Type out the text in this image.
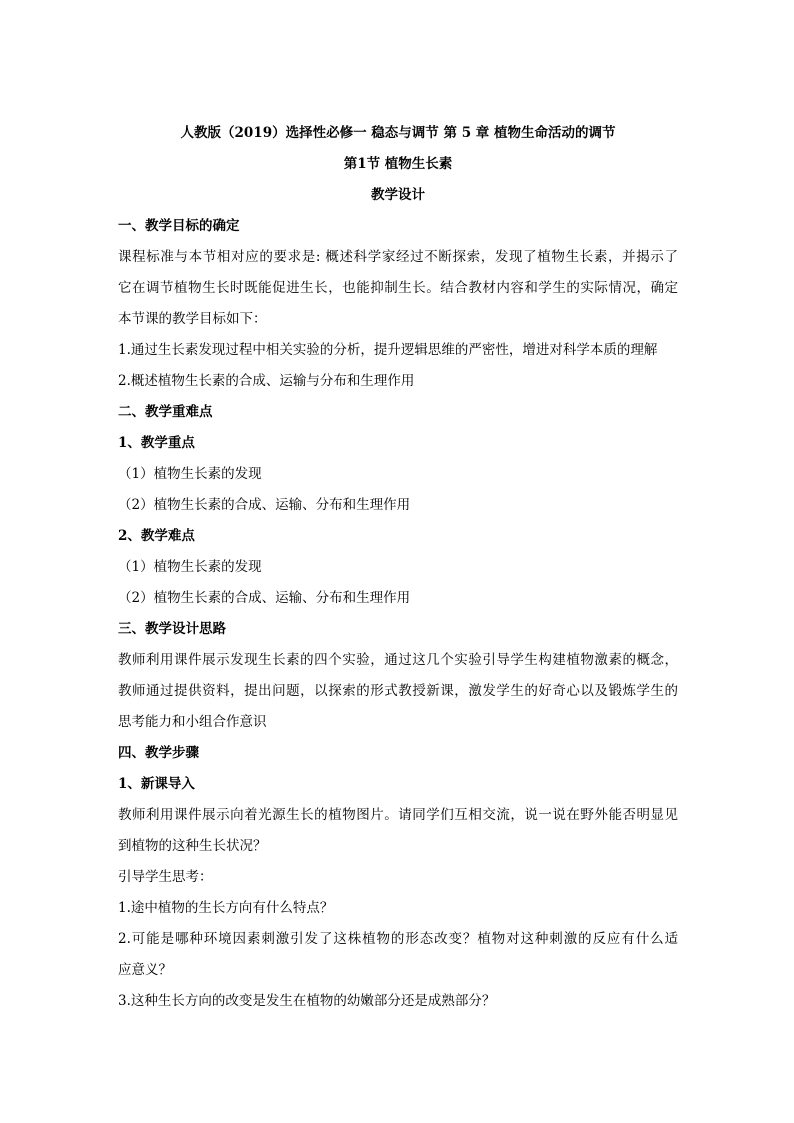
人教版（2019）选择性必修一 稳态与调节 第 5 章 植物生命活动的调节
第1节 植物生长素
教学设计
一、教学目标的确定
课程标准与本节相对应的要求是: 概述科学家经过不断探索，发现了植物生长素，并揭示了
它在调节植物生长时既能促进生长，也能抑制生长。结合教材内容和学生的实际情况，确定
本节课的教学目标如下：
1.通过生长素发现过程中相关实验的分析，提升逻辑思维的严密性，增进对科学本质的理解
2.概述植物生长素的合成、运输与分布和生理作用
二、教学重难点
1、教学重点
（1）植物生长素的发现
（2）植物生长素的合成、运输、分布和生理作用
2、教学难点
（1）植物生长素的发现
（2）植物生长素的合成、运输、分布和生理作用
三、教学设计思路
教师利用课件展示发现生长素的四个实验，通过这几个实验引导学生构建植物激素的概念，
教师通过提供资料，提出问题，以探索的形式教授新课，激发学生的好奇心以及锻炼学生的
思考能力和小组合作意识
四、教学步骤
1、新课导入
教师利用课件展示向着光源生长的植物图片。请同学们互相交流，说一说在野外能否明显见
到植物的这种生长状况？
引导学生思考：
1.途中植物的生长方向有什么特点？
2.可能是哪种环境因素刺激引发了这株植物的形态改变？植物对这种刺激的反应有什么适
应意义？
3.这种生长方向的改变是发生在植物的幼嫩部分还是成熟部分？
